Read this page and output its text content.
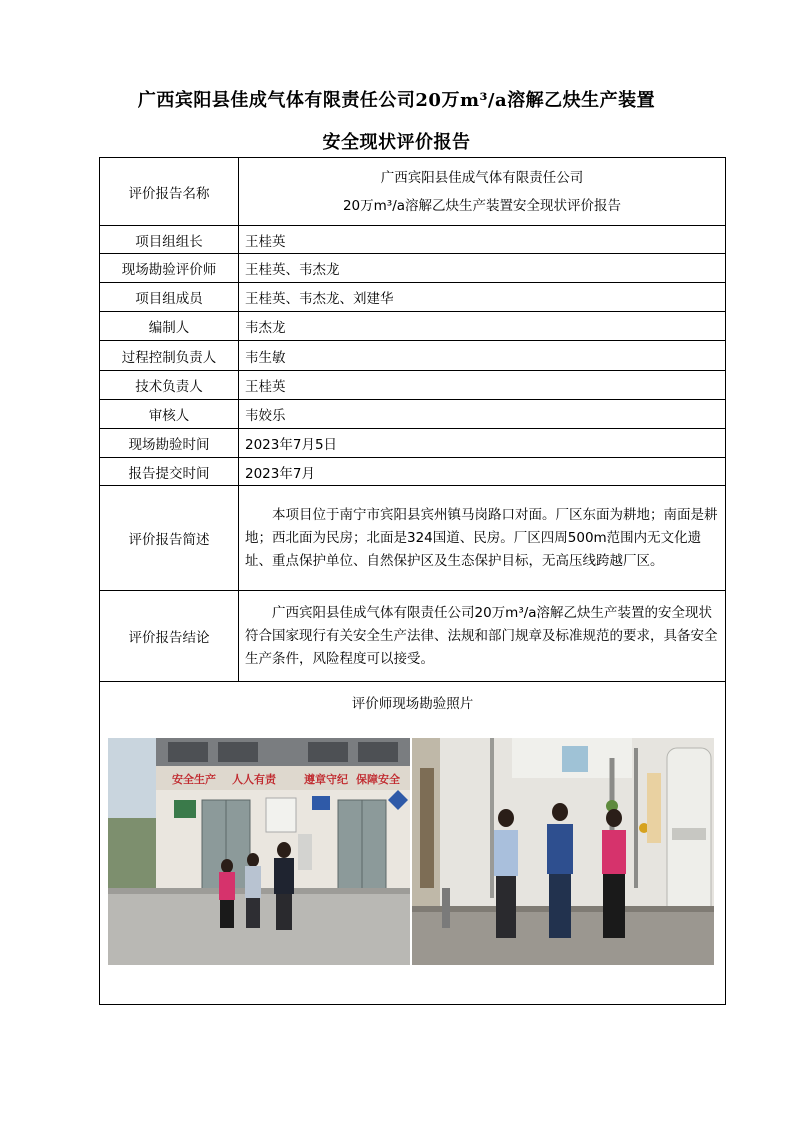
广西宾阳县佳成气体有限责任公司20万m³/a溶解乙炔生产装置
安全现状评价报告
评价报告名称	广西宾阳县佳成气体有限责任公司
20万m³/a溶解乙炔生产装置安全现状评价报告

项目组组长	王桂英
现场勘验评价师	王桂英、韦杰龙
项目组成员	王桂英、韦杰龙、刘建华
编制人	韦杰龙
过程控制负责人	韦生敏
技术负责人	王桂英
审核人	韦姣乐
现场勘验时间	2023年7月5日
报告提交时间	2023年7月
评价报告简述	本项目位于南宁市宾阳县宾州镇马岗路口对面。厂区东面为耕地；南面是耕地；西北面为民房；北面是324国道、民房。厂区四周500m范围内无文化遗址、重点保护单位、自然保护区及生态保护目标，无高压线跨越厂区。
评价报告结论	广西宾阳县佳成气体有限责任公司20万m³/a溶解乙炔生产装置的安全现状符合国家现行有关安全生产法律、法规和部门规章及标准规范的要求，具备安全生产条件，风险程度可以接受。

评价师现场勘验照片
安全生产 人人有责 遵章守纪 保障安全	
